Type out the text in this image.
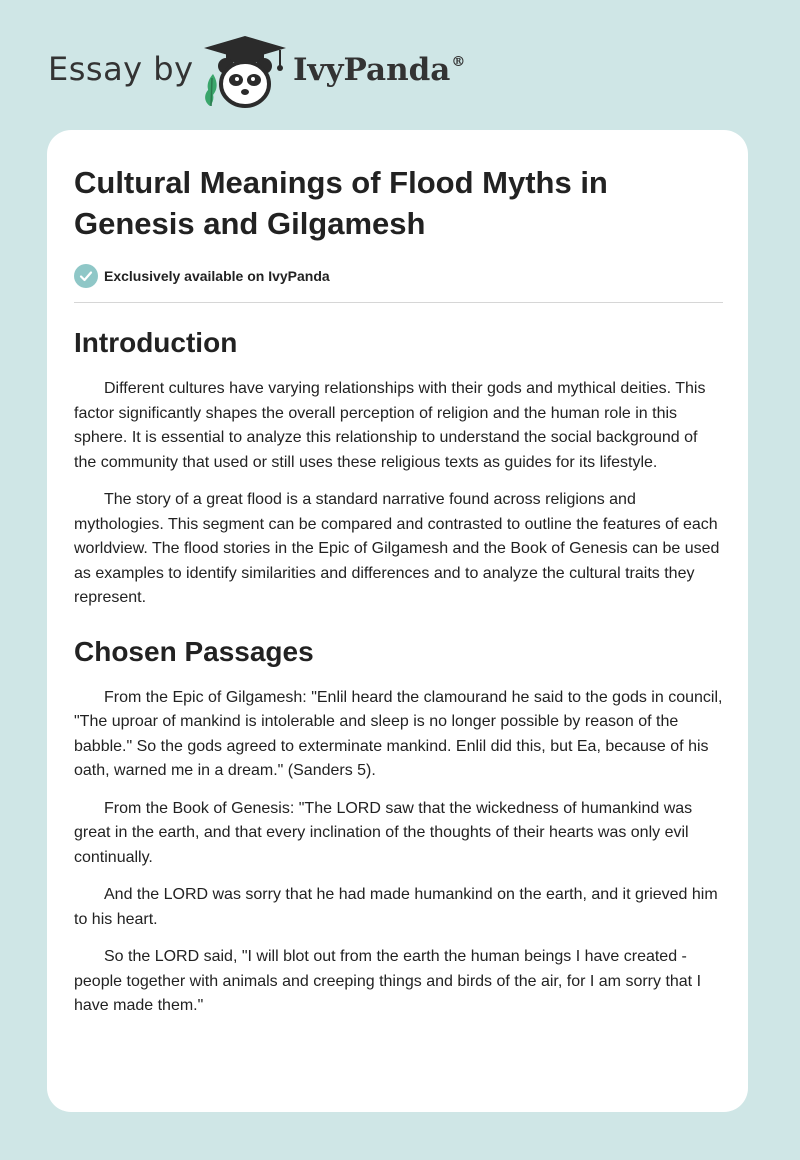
Essay by	IvyPanda®
Cultural Meanings of Flood Myths in Genesis and Gilgamesh
Exclusively available on IvyPanda
Introduction

Different cultures have varying relationships with their gods and mythical deities. This factor significantly shapes the overall perception of religion and the human role in this sphere. It is essential to analyze this relationship to understand the social background of the community that used or still uses these religious texts as guides for its lifestyle.

The story of a great flood is a standard narrative found across religions and mythologies. This segment can be compared and contrasted to outline the features of each worldview. The flood stories in the Epic of Gilgamesh and the Book of Genesis can be used as examples to identify similarities and differences and to analyze the cultural traits they represent.

Chosen Passages

From the Epic of Gilgamesh: "Enlil heard the clamourand he said to the gods in council, "The uproar of mankind is intolerable and sleep is no longer possible by reason of the babble." So the gods agreed to exterminate mankind. Enlil did this, but Ea, because of his oath, warned me in a dream." (Sanders 5).

From the Book of Genesis: "The LORD saw that the wickedness of humankind was great in the earth, and that every inclination of the thoughts of their hearts was only evil continually.

And the LORD was sorry that he had made humankind on the earth, and it grieved him to his heart.

So the LORD said, "I will blot out from the earth the human beings I have created - people together with animals and creeping things and birds of the air, for I am sorry that I have made them."
